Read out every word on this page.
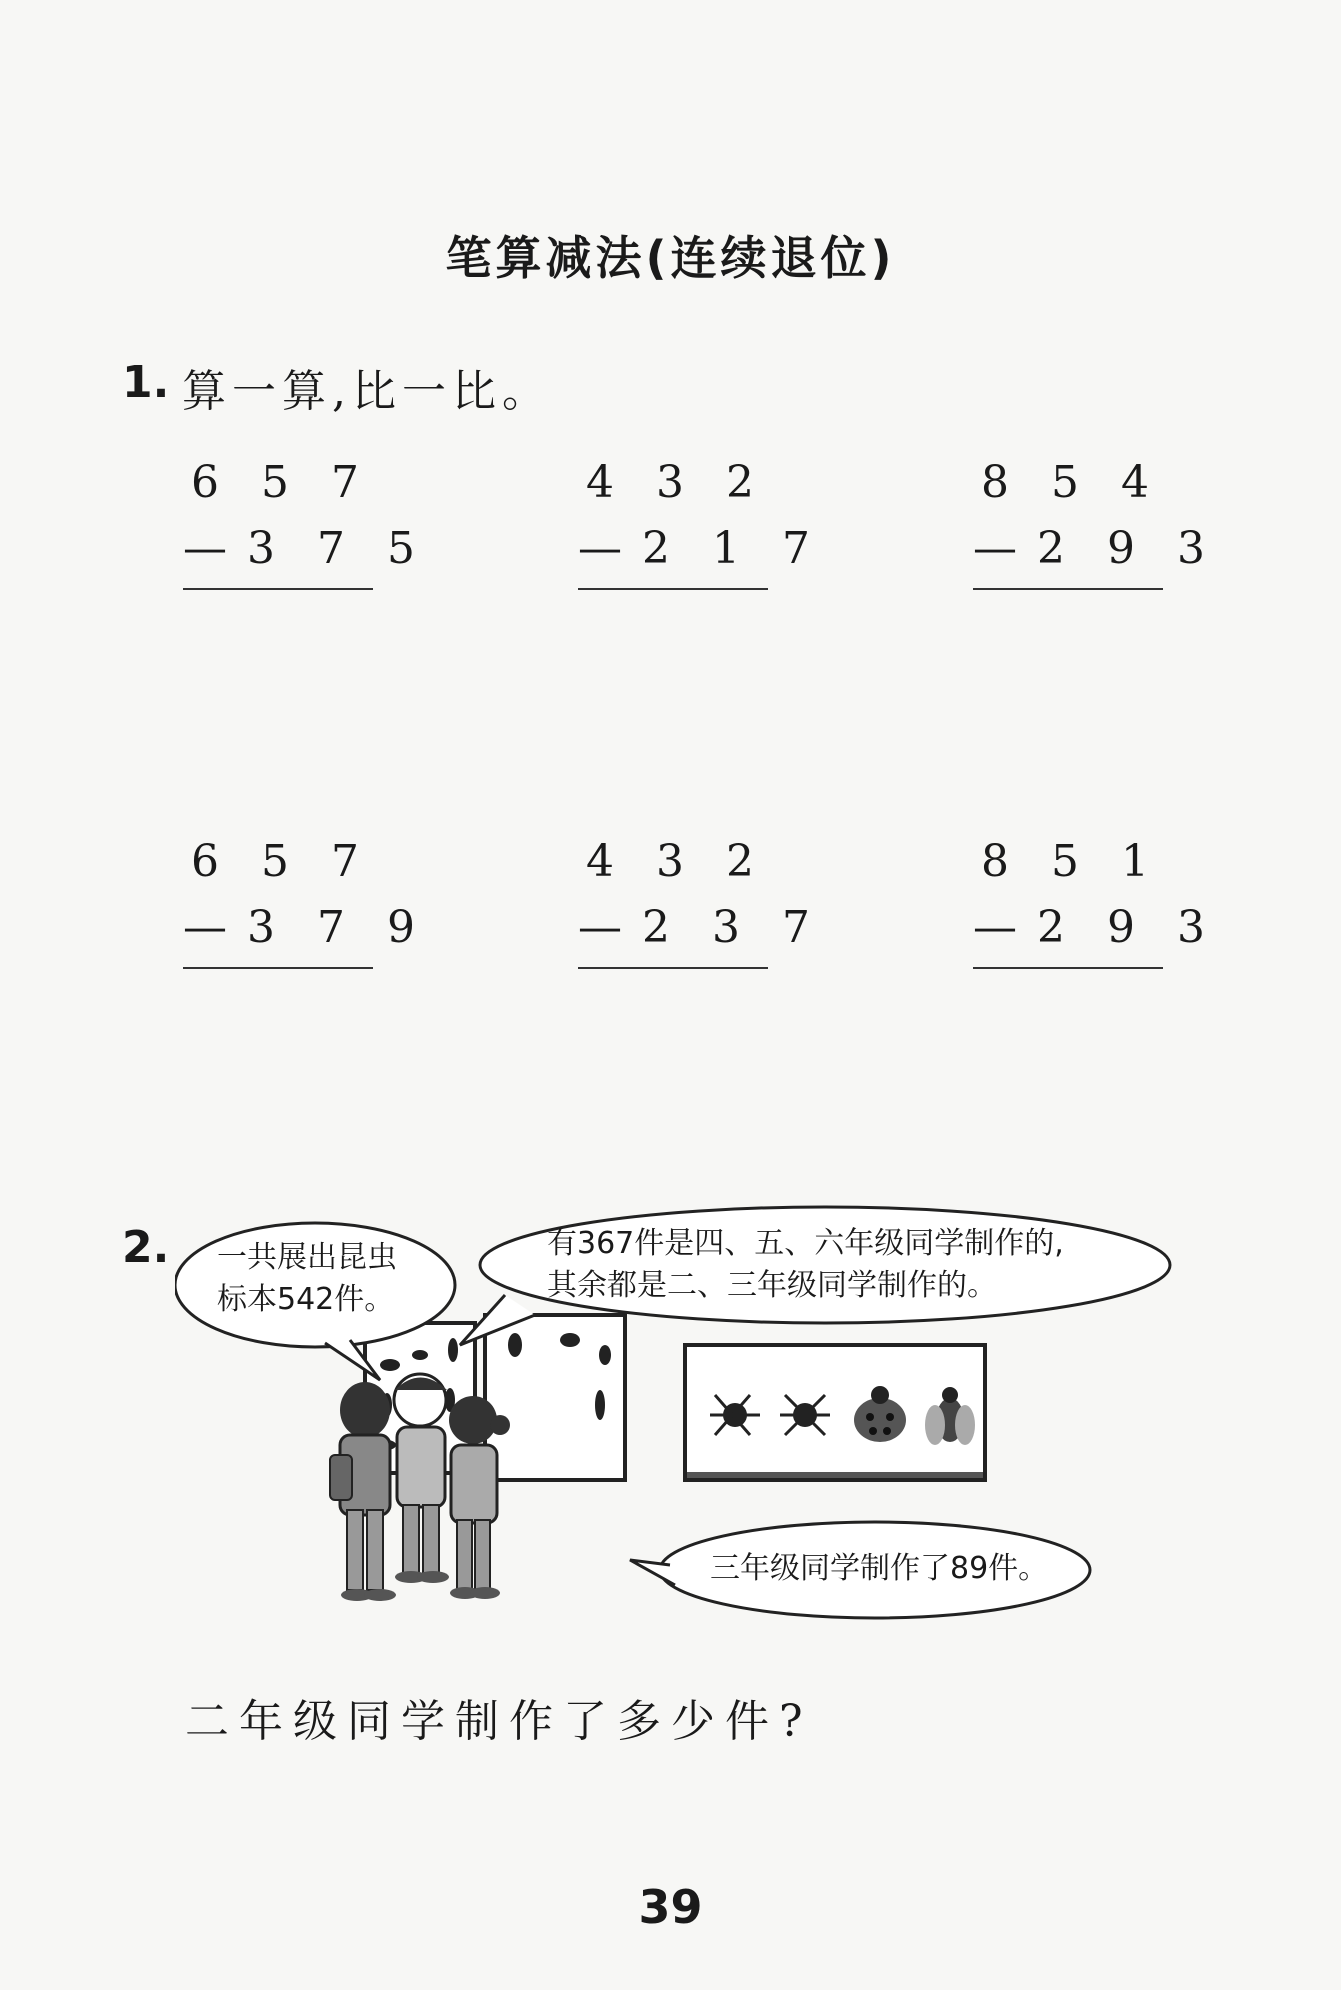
笔算减法(连续退位)
1. 算一算,比一比。
6 5 7
—3 7 5
4 3 2
—2 1 7
8 5 4
—2 9 3
6 5 7
—3 7 9
4 3 2
—2 3 7
8 5 1
—2 9 3
2. 一共展出昆虫
标本542件。
有367件是四、五、六年级同学制作的,
其余都是二、三年级同学制作的。
三年级同学制作了89件。
二年级同学制作了多少件?
39
